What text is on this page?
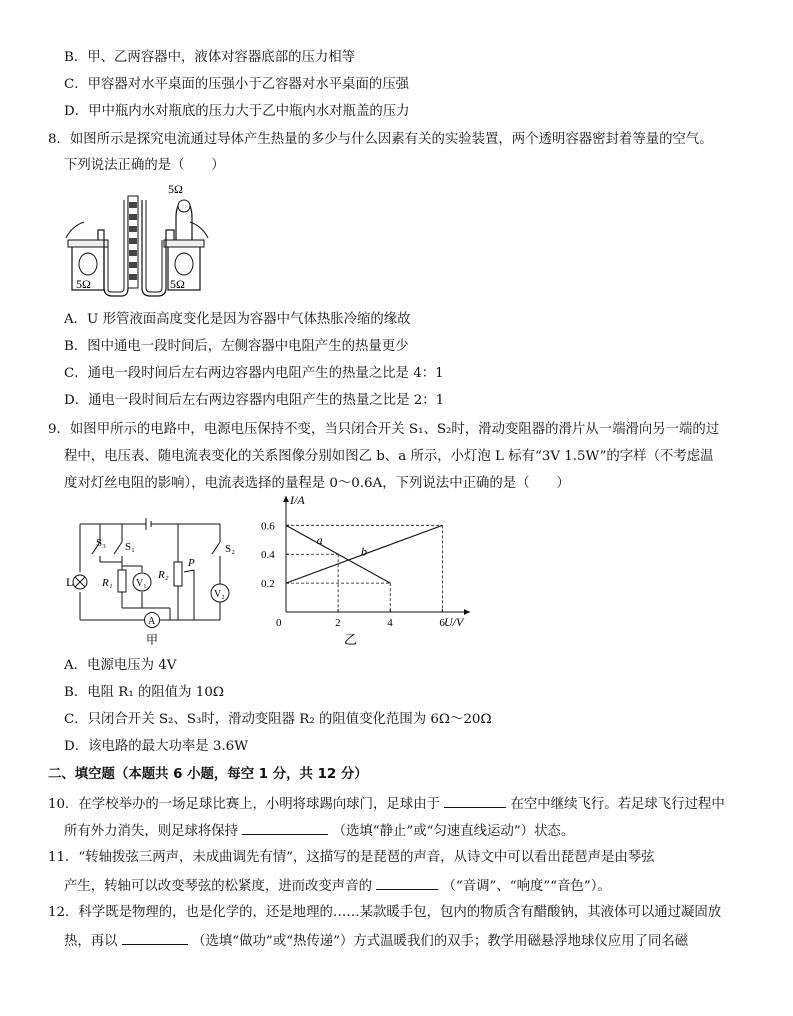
B．甲、乙两容器中，液体对容器底部的压力相等
C．甲容器对水平桌面的压强小于乙容器对水平桌面的压强
D．甲中瓶内水对瓶底的压力大于乙中瓶内水对瓶盖的压力
8．如图所示是探究电流通过导体产生热量的多少与什么因素有关的实验装置，两个透明容器密封着等量的空气。
下列说法正确的是（　　）
5Ω
5Ω	5Ω
A．U 形管液面高度变化是因为容器中气体热胀冷缩的缘故
B．图中通电一段时间后，左侧容器中电阻产生的热量更少
C．通电一段时间后左右两边容器内电阻产生的热量之比是 4：1
D．通电一段时间后左右两边容器内电阻产生的热量之比是 2：1
9．如图甲所示的电路中，电源电压保持不变，当只闭合开关 S₁、S₂时，滑动变阻器的滑片从一端滑向另一端的过
程中，电压表、随电流表变化的关系图像分别如图乙 b、a 所示，小灯泡 L 标有“3V 1.5W”的字样（不考虑温
度对灯丝电阻的影响），电流表选择的量程是 0～0.6A，下列说法中正确的是（　　）
V₁
A
V₂
S₃ S₁	S₂
L	R₁
R₂
P
甲
U/V
I/A
0	2	4	6
0.2
0.4
0.6
a
b
乙
A．电源电压为 4V
B．电阻 R₁ 的阻值为 10Ω
C．只闭合开关 S₂、S₃时，滑动变阻器 R₂ 的阻值变化范围为 6Ω～20Ω
D．该电路的最大功率是 3.6W
二、填空题（本题共 6 小题，每空 1 分，共 12 分）
10．在学校举办的一场足球比赛上，小明将球踢向球门，足球由于	在空中继续飞行。若足球飞行过程中
所有外力消失，则足球将保持	（选填“静止”或“匀速直线运动”）状态。
11．“转轴拨弦三两声，未成曲调先有情”，这描写的是琵琶的声音，从诗文中可以看出琵琶声是由琴弦
产生，转轴可以改变琴弦的松紧度，进而改变声音的	（“音调”、“响度”“音色”）。
12．科学既是物理的，也是化学的，还是地理的……某款暖手包，包内的物质含有醋酸钠，其液体可以通过凝固放
热，再以	（选填“做功”或“热传递”）方式温暖我们的双手；教学用磁悬浮地球仪应用了同名磁
